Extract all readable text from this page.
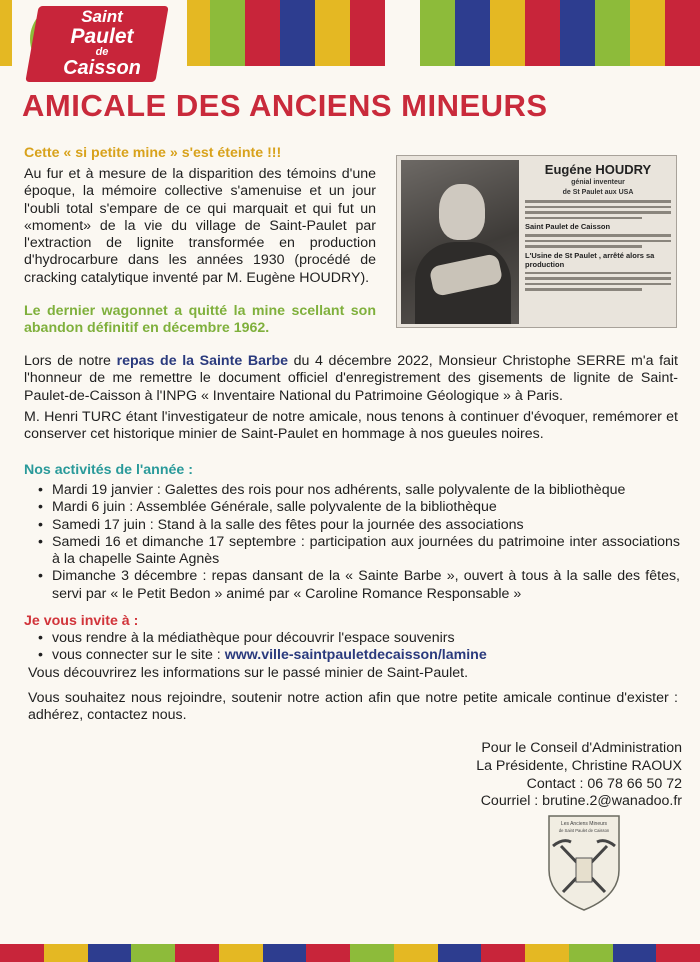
Saint
Paulet
de
Caisson
AMICALE DES ANCIENS MINEURS
Cette « si petite mine » s'est éteinte !!!
Au fur et à mesure de la disparition des témoins d'une époque, la mémoire collective s'amenuise et un jour l'oubli total s'empare de ce qui marquait et qui fut un «moment» de la vie du village de Saint-Paulet par l'extraction de lignite transformée en production d'hydrocarbure dans les années 1930 (procédé de cracking catalytique inventé par M. Eugène HOUDRY).
Le dernier wagonnet a quitté la mine scellant son abandon définitif en décembre 1962.
Eugéne HOUDRY
génial inventeur
de St Paulet aux USA
Saint Paulet de Caisson
L'Usine de St Paulet , arrêté alors sa production
Lors de notre repas de la Sainte Barbe du 4 décembre 2022, Monsieur Christophe SERRE m'a fait l'honneur de me remettre le document officiel d'enregistrement des gisements de lignite de Saint-Paulet-de-Caisson à l'INPG « Inventaire National du Patrimoine Géologique » à Paris.
M. Henri TURC étant l'investigateur de notre amicale, nous tenons à continuer d'évoquer, remémorer et conserver cet historique minier de Saint-Paulet en hommage à nos gueules noires.
Nos activités de l'année :
• Mardi 19 janvier : Galettes des rois pour nos adhérents, salle polyvalente de la bibliothèque
• Mardi 6 juin : Assemblée Générale, salle polyvalente de la bibliothèque
• Samedi 17 juin : Stand à la salle des fêtes pour la journée des associations
• Samedi 16 et dimanche 17 septembre : participation aux journées du patrimoine inter associations à la chapelle Sainte Agnès
• Dimanche 3 décembre : repas dansant de la « Sainte Barbe », ouvert à tous à la salle des fêtes, servi par « le Petit Bedon » animé par « Caroline Romance Responsable »
Je vous invite à :
• vous rendre à la médiathèque pour découvrir l'espace souvenirs
• vous connecter sur le site : www.ville-saintpauletdecaisson/lamine
Vous découvrirez les informations sur le passé minier de Saint-Paulet.
Vous souhaitez nous rejoindre, soutenir notre action afin que notre petite amicale continue d'exister : adhérez, contactez nous.
Pour le Conseil d'Administration
La Présidente, Christine RAOUX
Contact : 06 78 66 50 72
Courriel : brutine.2@wanadoo.fr
Les Anciens Mineurs
de Saint Paulet de Caisson
